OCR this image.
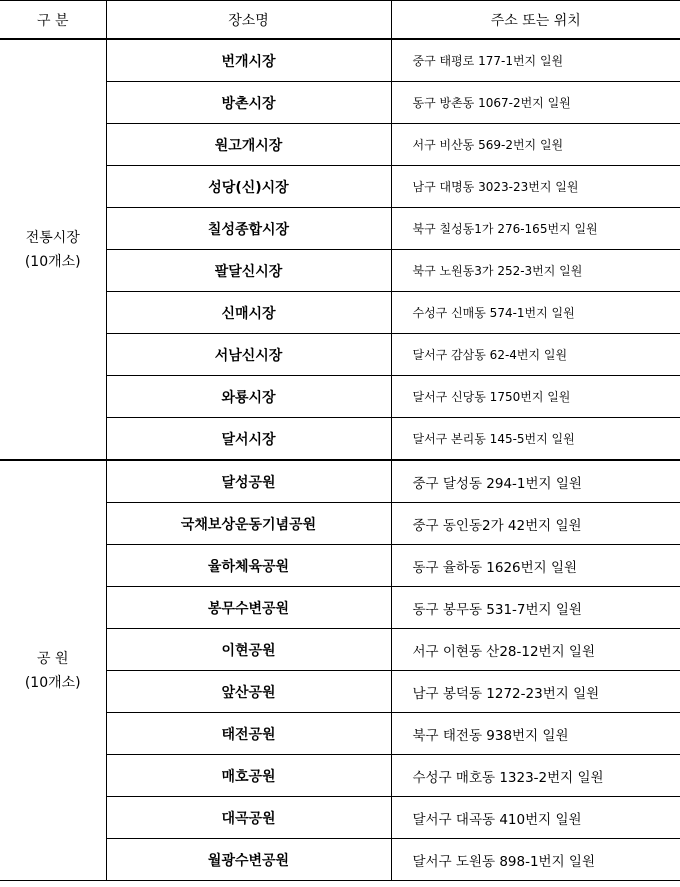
구 분	장소명	주소 또는 위치

전통시장
(10개소)	번개시장	중구 태평로 177-1번지 일원
	방촌시장	동구 방촌동 1067-2번지 일원
	원고개시장	서구 비산동 569-2번지 일원
	성당(신)시장	남구 대명동 3023-23번지 일원
	칠성종합시장	북구 칠성동1가 276-165번지 일원
	팔달신시장	북구 노원동3가 252-3번지 일원
	신매시장	수성구 신매동 574-1번지 일원
	서남신시장	달서구 감삼동 62-4번지 일원
	와룡시장	달서구 신당동 1750번지 일원
	달서시장	달서구 본리동 145-5번지 일원

공 원
(10개소)	달성공원	중구 달성동 294-1번지 일원
	국채보상운동기념공원	중구 동인동2가 42번지 일원
	율하체육공원	동구 율하동 1626번지 일원
	봉무수변공원	동구 봉무동 531-7번지 일원
	이현공원	서구 이현동 산28-12번지 일원
	앞산공원	남구 봉덕동 1272-23번지 일원
	태전공원	북구 태전동 938번지 일원
	매호공원	수성구 매호동 1323-2번지 일원
	대곡공원	달서구 대곡동 410번지 일원
	월광수변공원	달서구 도원동 898-1번지 일원
